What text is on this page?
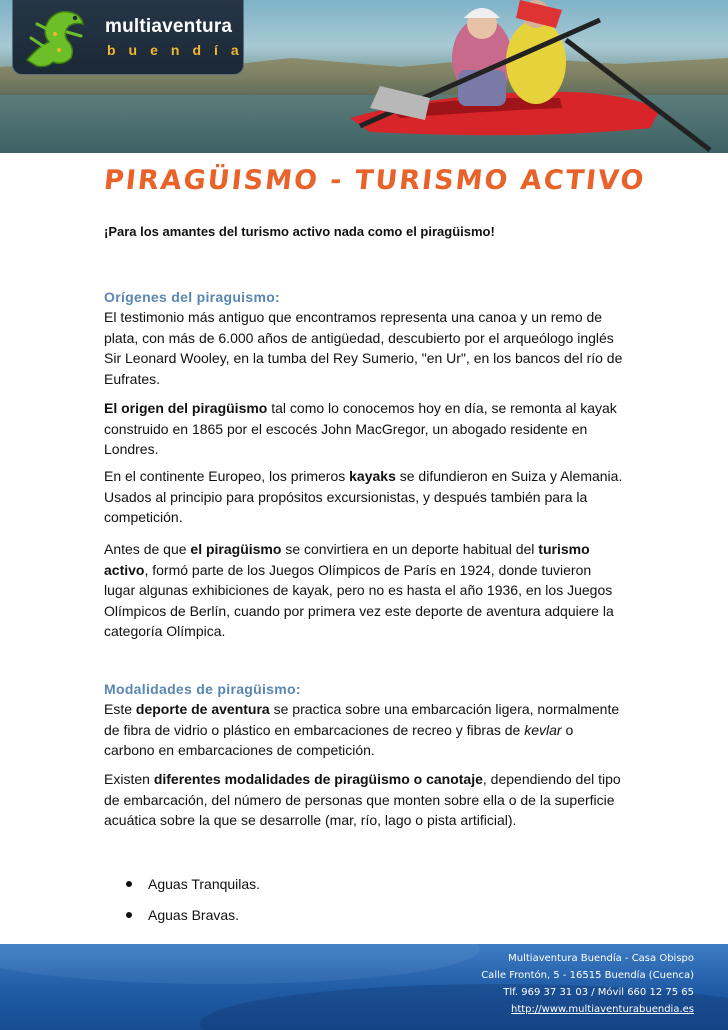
multiaventura
buendía
PIRAGÜISMO - TURISMO ACTIVO

¡Para los amantes del turismo activo nada como el piragüismo!

Orígenes del piraguismo:

El testimonio más antiguo que encontramos representa una canoa y un remo de plata, con más de 6.000 años de antigüedad, descubierto por el arqueólogo inglés Sir Leonard Wooley, en la tumba del Rey Sumerio, "en Ur", en los bancos del río de Eufrates.

El origen del piragüismo tal como lo conocemos hoy en día, se remonta al kayak construido en 1865 por el escocés John MacGregor, un abogado residente en Londres.

En el continente Europeo, los primeros kayaks se difundieron en Suiza y Alemania. Usados al principio para propósitos excursionistas, y después también para la competición.

Antes de que el piragüismo se convirtiera en un deporte habitual del turismo activo, formó parte de los Juegos Olímpicos de París en 1924, donde tuvieron lugar algunas exhibiciones de kayak, pero no es hasta el año 1936, en los Juegos Olímpicos de Berlín, cuando por primera vez este deporte de aventura adquiere la categoría Olímpica.

Modalidades de piragüismo:

Este deporte de aventura se practica sobre una embarcación ligera, normalmente de fibra de vidrio o plástico en embarcaciones de recreo y fibras de kevlar o carbono en embarcaciones de competición.

Existen diferentes modalidades de piragüismo o canotaje, dependiendo del tipo de embarcación, del número de personas que monten sobre ella o de la superficie acuática sobre la que se desarrolle (mar, río, lago o pista artificial).

Aguas Tranquilas.
Aguas Bravas.
Multiaventura Buendía - Casa Obispo
Calle Frontón, 5 - 16515 Buendía (Cuenca)
Tlf. 969 37 31 03 / Móvil 660 12 75 65
http://www.multiaventurabuendia.es
